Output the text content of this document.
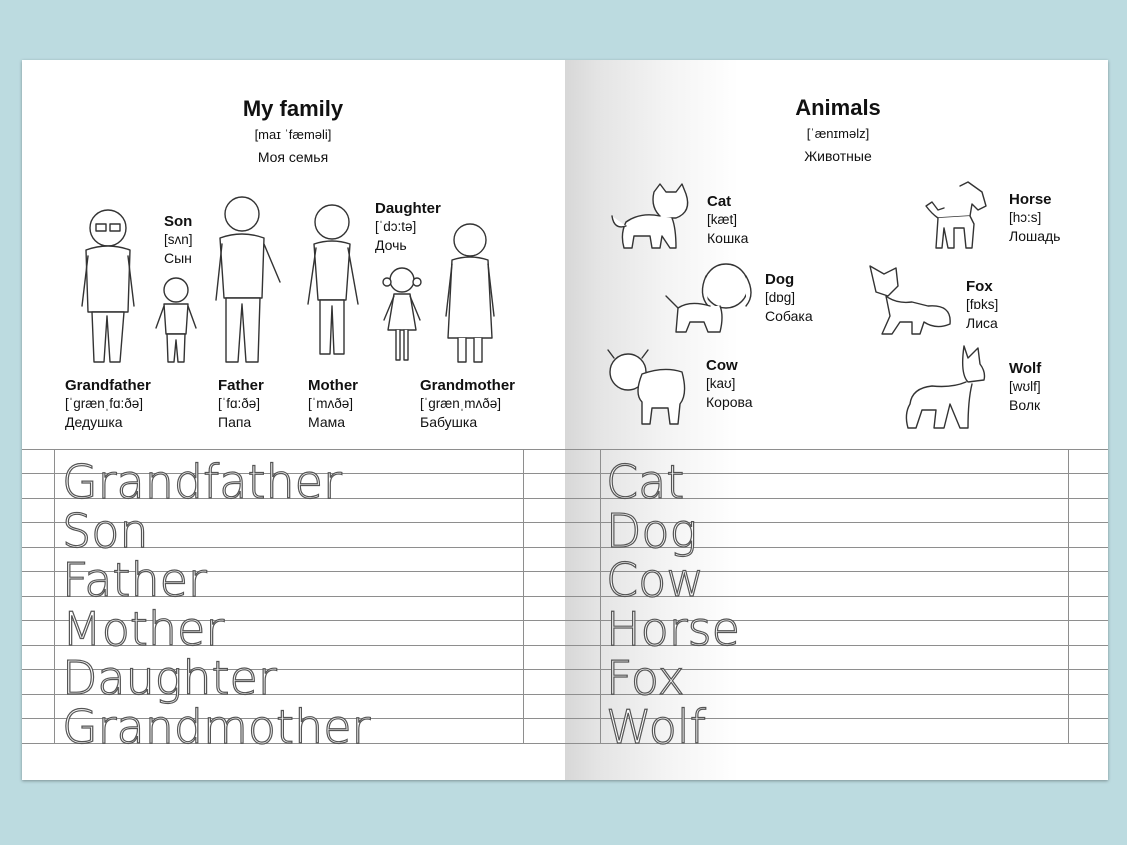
My family
[maɪ ˈfæməli]
Моя семья
Animals
[ˈænɪməlz]
Животные
Son
[sʌn]
Сын
Daughter
[ˈdɔ:tə]
Дочь
Grandfather
[ˈgrænˌfɑ:ðə]
Дедушка
Father
[ˈfɑ:ðə]
Папа
Mother
[ˈmʌðə]
Мама
Grandmother
[ˈgrænˌmʌðə]
Бабушка
Cat
[kæt]
Кошка
Horse
[hɔ:s]
Лошадь
Dog
[dɒg]
Собака
Fox
[fɒks]
Лиса
Cow
[kaʊ]
Корова
Wolf
[wʊlf]
Волк
Grandfather
Son
Father
Mother
Daughter
Grandmother
Cat
Dog
Cow
Horse
Fox
Wolf
